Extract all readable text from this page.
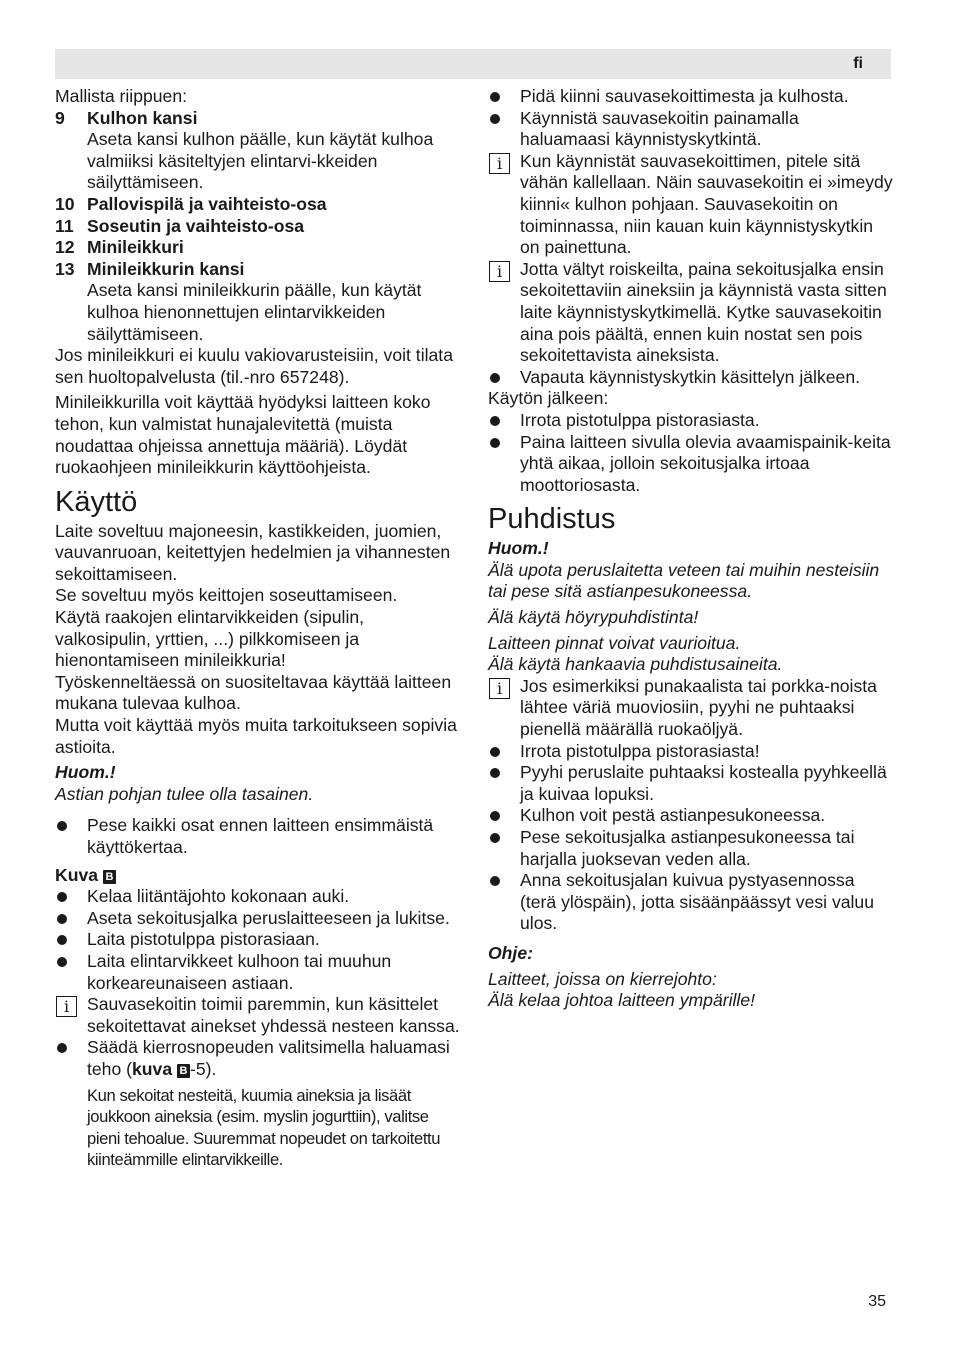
fi

Mallista riippuen:

9	Kulhon kansi

Aseta kansi kulhon päälle, kun käytät kulhoa valmiiksi käsiteltyjen elintarvi-kkeiden säilyttämiseen.

10 Pallovispilä ja vaihteisto-osa
11 Soseutin ja vaihteisto-osa
12 Minileikkuri
13 Minileikkurin kansi

Aseta kansi minileikkurin päälle, kun käytät kulhoa hienonnettujen elintarvikkeiden säilyttämiseen.

Jos minileikkuri ei kuulu vakiovarusteisiin, voit tilata sen huoltopalvelusta (til.-nro 657248).

Minileikkurilla voit käyttää hyödyksi laitteen koko tehon, kun valmistat hunajalevitettä (muista noudattaa ohjeissa annettuja määriä). Löydät ruokaohjeen minileikkurin käyttöohjeista.

Käyttö

Laite soveltuu majoneesin, kastikkeiden, juomien, vauvanruoan, keitettyjen hedelmien ja vihannesten sekoittamiseen.

Se soveltuu myös keittojen soseuttamiseen.

Käytä raakojen elintarvikkeiden (sipulin, valkosipulin, yrttien, ...) pilkkomiseen ja hienontamiseen minileikkuria!

Työskenneltäessä on suositeltavaa käyttää laitteen mukana tulevaa kulhoa.

Mutta voit käyttää myös muita tarkoitukseen sopivia astioita.

Huom.!

Astian pohjan tulee olla tasainen.

Pese kaikki osat ennen laitteen ensimmäistä käyttökertaa.

Kuva B

Kelaa liitäntäjohto kokonaan auki.
Aseta sekoitusjalka peruslaitteeseen ja lukitse.
Laita pistotulppa pistorasiaan.
Laita elintarvikkeet kulhoon tai muuhun korkeareunaiseen astiaan.
i	Sauvasekoitin toimii paremmin, kun käsittelet sekoitettavat ainekset yhdessä nesteen kanssa.
Säädä kierrosnopeuden valitsimella haluamasi teho (kuva B -5).

Kun sekoitat nesteitä, kuumia aineksia ja lisäät joukkoon aineksia (esim. myslin jogurttiin), valitse pieni tehoalue. Suuremmat nopeudet on tarkoitettu kiinteämmille elintarvikkeille.

Pidä kiinni sauvasekoittimesta ja kulhosta.
Käynnistä sauvasekoitin painamalla haluamaasi käynnistyskytkintä.
i	Kun käynnistät sauvasekoittimen, pitele sitä vähän kallellaan. Näin sauvasekoitin ei »imeydy kiinni« kulhon pohjaan. Sauvasekoitin on toiminnassa, niin kauan kuin käynnistyskytkin on painettuna.
i	Jotta vältyt roiskeilta, paina sekoitusjalka ensin sekoitettaviin aineksiin ja käynnistä vasta sitten laite käynnistyskytkimellä. Kytke sauvasekoitin aina pois päältä, ennen kuin nostat sen pois sekoitettavista aineksista.
Vapauta käynnistyskytkin käsittelyn jälkeen.

Käytön jälkeen:

Irrota pistotulppa pistorasiasta.
Paina laitteen sivulla olevia avaamispainik-keita yhtä aikaa, jolloin sekoitusjalka irtoaa moottoriosasta.
Puhdistus

Huom.!

Älä upota peruslaitetta veteen tai muihin nesteisiin tai pese sitä astianpesukoneessa.

Älä käytä höyrypuhdistinta!

Laitteen pinnat voivat vaurioitua.

Älä käytä hankaavia puhdistusaineita.

i	Jos esimerkiksi punakaalista tai porkka-noista lähtee väriä muoviosiin, pyyhi ne puhtaaksi pienellä määrällä ruokaöljyä.
Irrota pistotulppa pistorasiasta!
Pyyhi peruslaite puhtaaksi kostealla pyyhkeellä ja kuivaa lopuksi.
Kulhon voit pestä astianpesukoneessa.
Pese sekoitusjalka astianpesukoneessa tai harjalla juoksevan veden alla.
Anna sekoitusjalan kuivua pystyasennossa (terä ylöspäin), jotta sisäänpäässyt vesi valuu ulos.

Ohje:

Laitteet, joissa on kierrejohto:

Älä kelaa johtoa laitteen ympärille!

35
